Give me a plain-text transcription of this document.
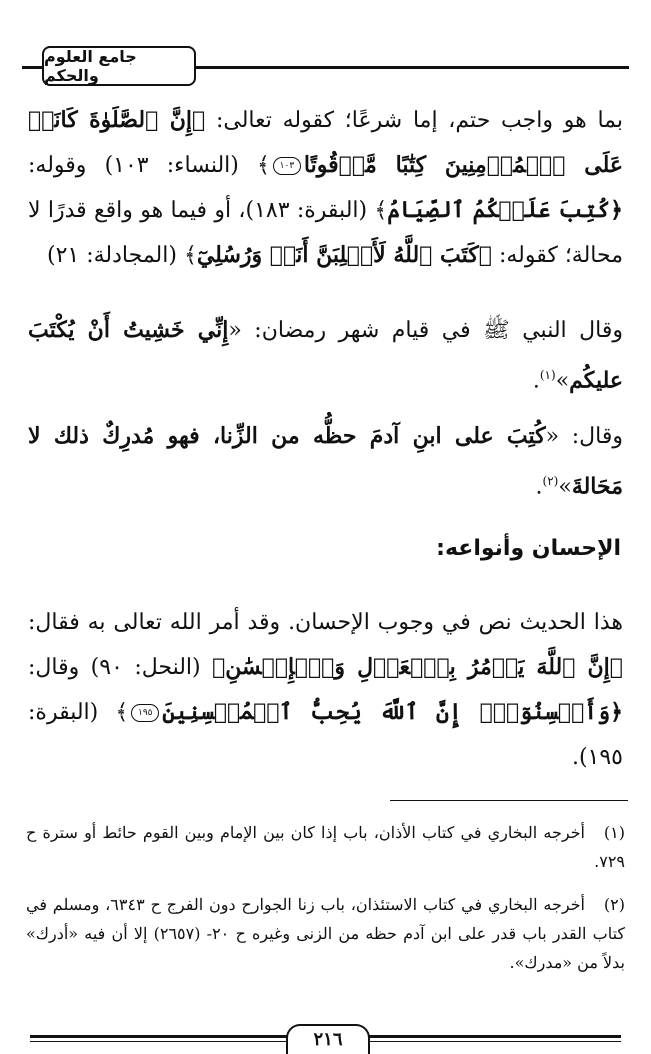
جامع العلوم والحكم
بما هو واجب حتم، إما شرعًا؛ كقوله تعالى: ﴿إِنَّ ٱلصَّلَوٰةَ كَانَتۡ عَلَى ٱلۡمُؤۡمِنِينَ كِتَٰبًا مَّوۡقُوتًا١٠٣﴾ (النساء: ١٠٣) وقوله: ﴿كُتِبَ عَلَيۡكُمُ ٱلصِّيَامُ﴾ (البقرة: ١٨٣)، أو فيما هو واقع قدرًا لا محالة؛ كقوله: ﴿كَتَبَ ٱللَّهُ لَأَغۡلِبَنَّ أَنَا۠ وَرُسُلِيٓ﴾ (المجادلة: ٢١)
وقال النبي ﷺ في قيام شهر رمضان: «إِنِّي خَشِيتُ أَنْ يُكْتَبَ عليكُم»$^{(١)}$.
وقال: «كُتِبَ على ابنِ آدمَ حظُّه من الزِّنا، فهو مُدرِكٌ ذلك لا مَحَالةَ»$^{(٢)}$.
الإحسان وأنواعه:
هذا الحديث نص في وجوب الإحسان. وقد أمر الله تعالى به فقال: ﴿إِنَّ ٱللَّهَ يَأۡمُرُ بِٱلۡعَدۡلِ وَٱلۡإِحۡسَٰنِ﴾ (النحل: ٩٠) وقال: ﴿وَأَحۡسِنُوٓاْۚ إِنَّ ٱللَّهَ يُحِبُّ ٱلۡمُحۡسِنِينَ١٩٥﴾ (البقرة: ١٩٥).
(١)أخرجه البخاري في كتاب الأذان، باب إذا كان بين الإمام وبين القوم حائط أو سترة ح ٧٢٩.
(٢)أخرجه البخاري في كتاب الاستئذان، باب زنا الجوارح دون الفرج ح ٦٣٤٣، ومسلم في كتاب القدر باب قدر على ابن آدم حظه من الزنى وغيره ح ٢٠- (٢٦٥٧) إلا أن فيه «أدرك» بدلاً من «مدرك».
٢١٦
